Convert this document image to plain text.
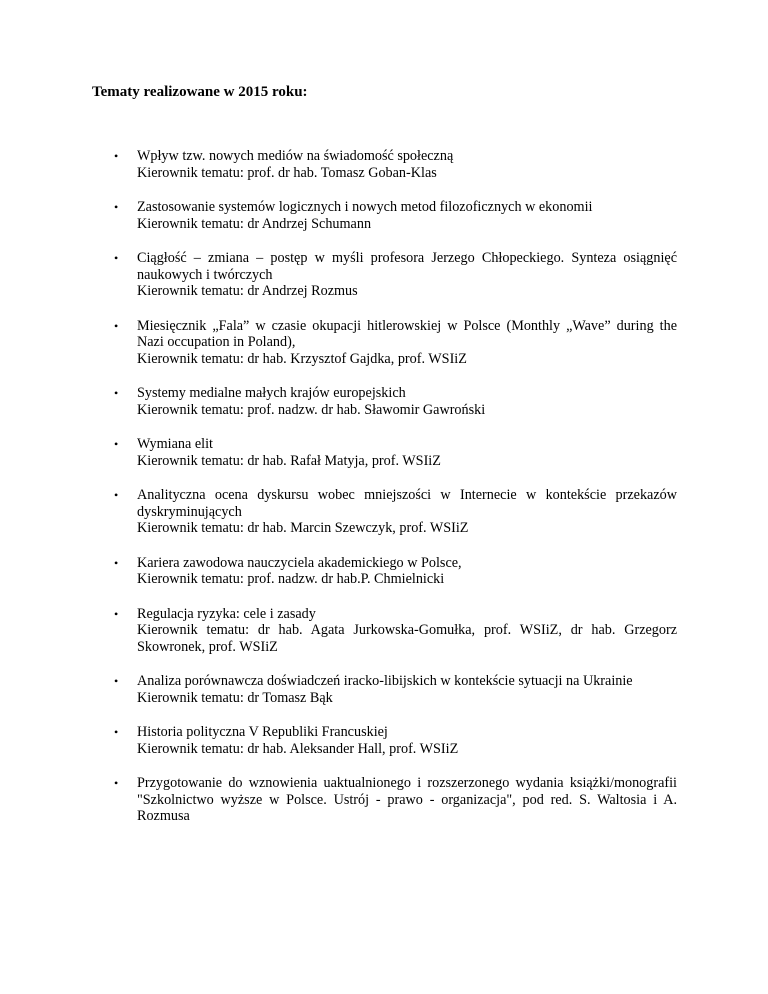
Tematy realizowane w 2015 roku:

• Wpływ tzw. nowych mediów na świadomość społeczną
Kierownik tematu: prof. dr hab. Tomasz Goban-Klas
• Zastosowanie systemów logicznych i nowych metod filozoficznych w ekonomii
Kierownik tematu: dr Andrzej Schumann
• Ciągłość – zmiana – postęp w myśli profesora Jerzego Chłopeckiego. Synteza osiągnięć naukowych i twórczych
Kierownik tematu: dr Andrzej Rozmus
• Miesięcznik „Fala” w czasie okupacji hitlerowskiej w Polsce (Monthly „Wave” during the Nazi occupation in Poland),
Kierownik tematu: dr hab. Krzysztof Gajdka, prof. WSIiZ
• Systemy medialne małych krajów europejskich
Kierownik tematu: prof. nadzw. dr hab. Sławomir Gawroński
• Wymiana elit
Kierownik tematu: dr hab. Rafał Matyja, prof. WSIiZ
• Analityczna ocena dyskursu wobec mniejszości w Internecie w kontekście przekazów dyskryminujących
Kierownik tematu: dr hab. Marcin Szewczyk, prof. WSIiZ
• Kariera zawodowa nauczyciela akademickiego w Polsce,
Kierownik tematu: prof. nadzw. dr hab.P. Chmielnicki
• Regulacja ryzyka: cele i zasady
Kierownik tematu: dr hab. Agata Jurkowska-Gomułka, prof. WSIiZ, dr hab. Grzegorz Skowronek, prof. WSIiZ
• Analiza porównawcza doświadczeń iracko-libijskich w kontekście sytuacji na Ukrainie
Kierownik tematu: dr Tomasz Bąk
• Historia polityczna V Republiki Francuskiej
Kierownik tematu: dr hab. Aleksander Hall, prof. WSIiZ
• Przygotowanie do wznowienia uaktualnionego i rozszerzonego wydania książki/monografii "Szkolnictwo wyższe w Polsce. Ustrój - prawo - organizacja", pod red. S. Waltosia i A. Rozmusa
